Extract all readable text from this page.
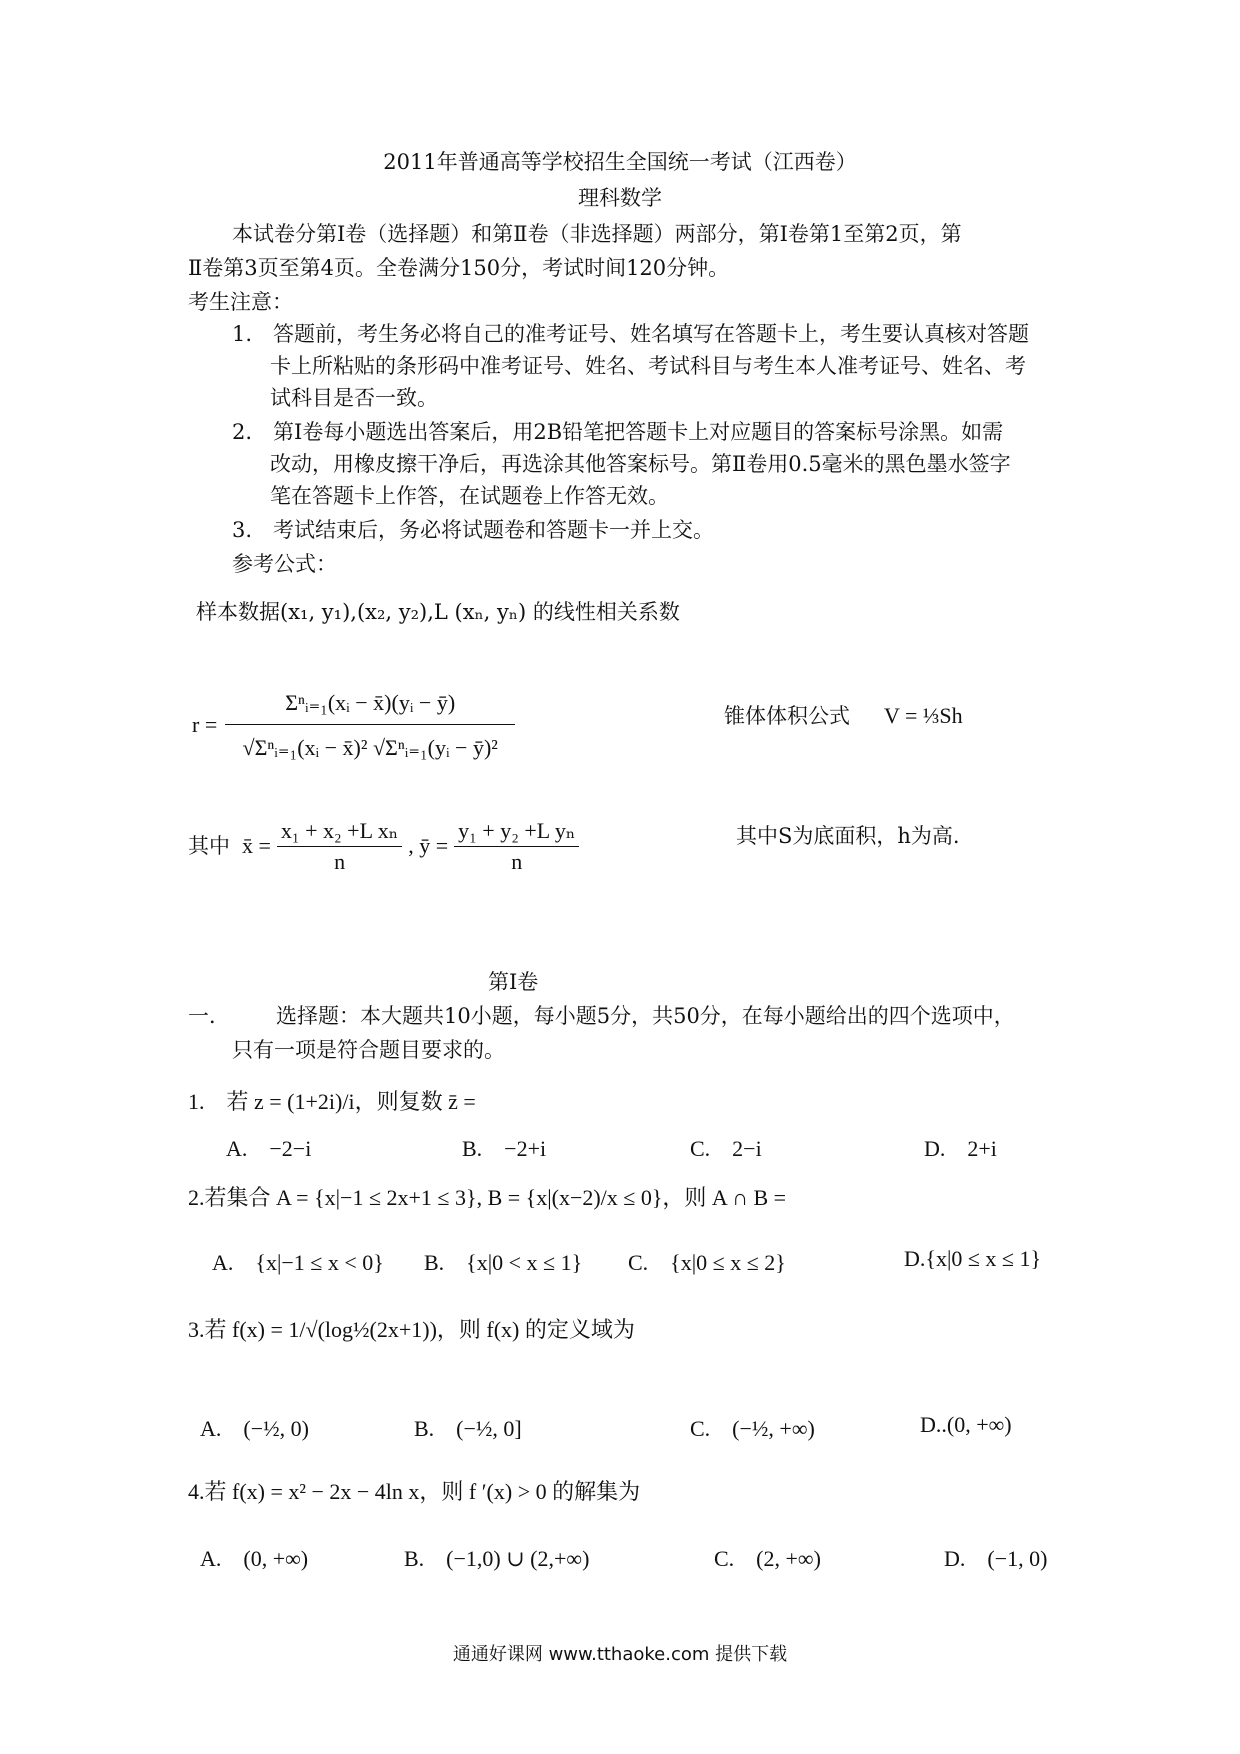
2011年普通高等学校招生全国统一考试（江西卷）
理科数学
本试卷分第Ⅰ卷（选择题）和第Ⅱ卷（非选择题）两部分，第Ⅰ卷第1至第2页，第
Ⅱ卷第3页至第4页。全卷满分150分，考试时间120分钟。
考生注意：
1.　答题前，考生务必将自己的准考证号、姓名填写在答题卡上，考生要认真核对答题
卡上所粘贴的条形码中准考证号、姓名、考试科目与考生本人准考证号、姓名、考
试科目是否一致。
2.　第Ⅰ卷每小题选出答案后，用2B铅笔把答题卡上对应题目的答案标号涂黑。如需
改动，用橡皮擦干净后，再选涂其他答案标号。第Ⅱ卷用0.5毫米的黑色墨水签字
笔在答题卡上作答，在试题卷上作答无效。
3.　考试结束后，务必将试题卷和答题卡一并上交。
参考公式：
样本数据(x₁, y₁),(x₂, y₂),L (xₙ, yₙ) 的线性相关系数
$r = \frac{\text{Σⁿᵢ₌₁(xᵢ − x̄)(yᵢ − ȳ)}}{\text{√Σⁿᵢ₌₁(xᵢ − x̄)² √Σⁿᵢ₌₁(yᵢ − ȳ)²}}$	锥体体积公式 V = ⅓Sh
其中 x̄ = $\frac{\text{x₁ + x₂ +L xₙ}}{n}$ , ȳ = $\frac{\text{y₁ + y₂ +L yₙ}}{n}$	其中S为底面积，h为高.
第Ⅰ卷
一． 选择题：本大题共10小题，每小题5分，共50分，在每小题给出的四个选项中，
只有一项是符合题目要求的。
1.　若 z = (1+2i)/i，则复数 z̄ =
A.　−2−i	B.　−2+i	C.　2−i	D.　2+i
2.若集合 A = {x|−1 ≤ 2x+1 ≤ 3}, B = {x|(x−2)/x ≤ 0}，则 A ∩ B =
A.　{x|−1 ≤ x < 0} B.　{x|0 < x ≤ 1} C.　{x|0 ≤ x ≤ 2}	D.{x|0 ≤ x ≤ 1}
3.若 f(x) = 1/√(log½(2x+1))，则 f(x) 的定义域为
A.　(−½, 0)	B.　(−½, 0]	C.　(−½, +∞)	D..(0, +∞)
4.若 f(x) = x² − 2x − 4ln x，则 f ′(x) > 0 的解集为
A.　(0, +∞)	B.　(−1,0) ∪ (2,+∞)	C.　(2, +∞)	D.　(−1, 0)
通通好课网 www.tthaoke.com 提供下载
